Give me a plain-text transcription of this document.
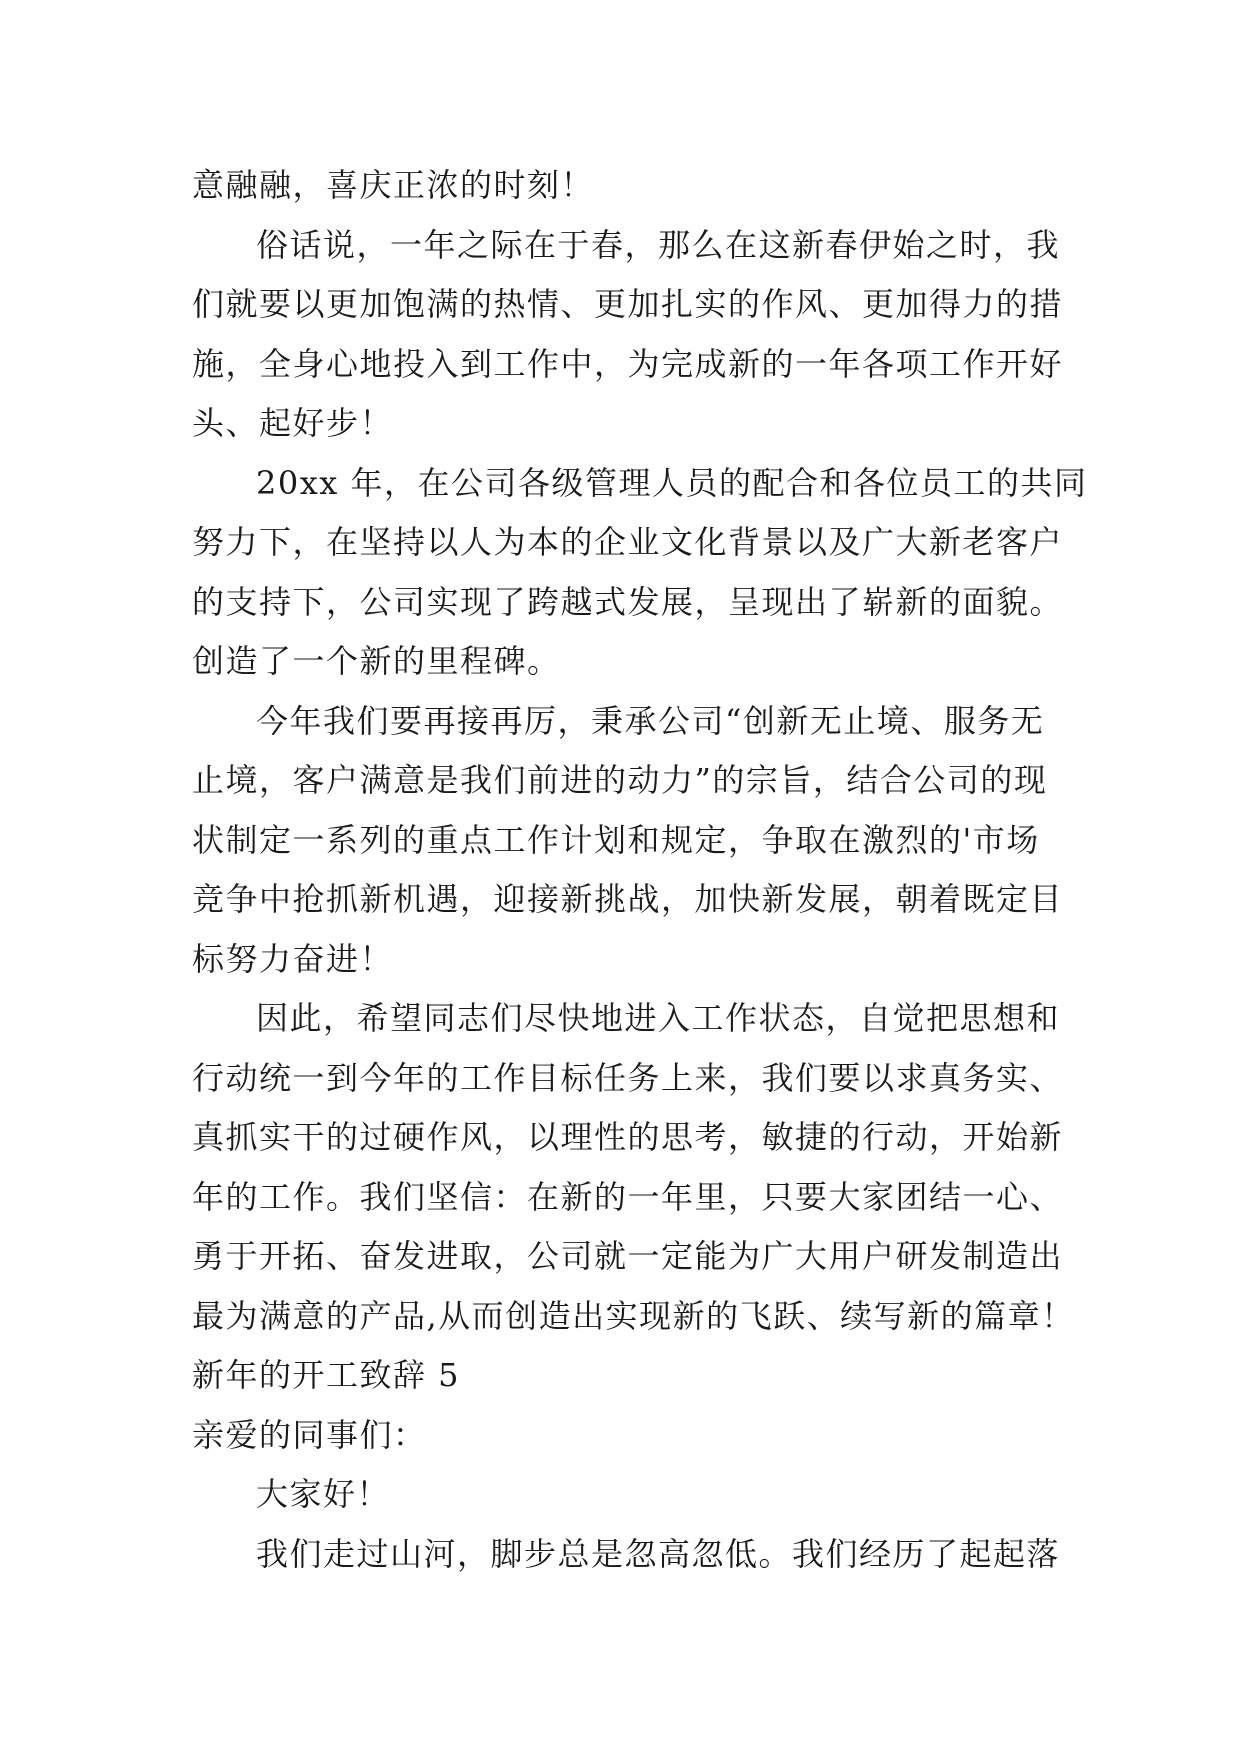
意融融，喜庆正浓的时刻！
俗话说，一年之际在于春，那么在这新春伊始之时，我
们就要以更加饱满的热情、更加扎实的作风、更加得力的措
施，全身心地投入到工作中，为完成新的一年各项工作开好
头、起好步！
20xx 年，在公司各级管理人员的配合和各位员工的共同
努力下，在坚持以人为本的企业文化背景以及广大新老客户
的支持下，公司实现了跨越式发展，呈现出了崭新的面貌。
创造了一个新的里程碑。
今年我们要再接再厉，秉承公司“创新无止境、服务无
止境，客户满意是我们前进的动力”的宗旨，结合公司的现
状制定一系列的重点工作计划和规定，争取在激烈的'市场
竞争中抢抓新机遇，迎接新挑战，加快新发展，朝着既定目
标努力奋进！
因此，希望同志们尽快地进入工作状态，自觉把思想和
行动统一到今年的工作目标任务上来，我们要以求真务实、
真抓实干的过硬作风，以理性的思考，敏捷的行动，开始新
年的工作。我们坚信：在新的一年里，只要大家团结一心、
勇于开拓、奋发进取，公司就一定能为广大用户研发制造出
最为满意的产品,从而创造出实现新的飞跃、续写新的篇章！
新年的开工致辞 5
亲爱的同事们：
大家好！
我们走过山河，脚步总是忽高忽低。我们经历了起起落
